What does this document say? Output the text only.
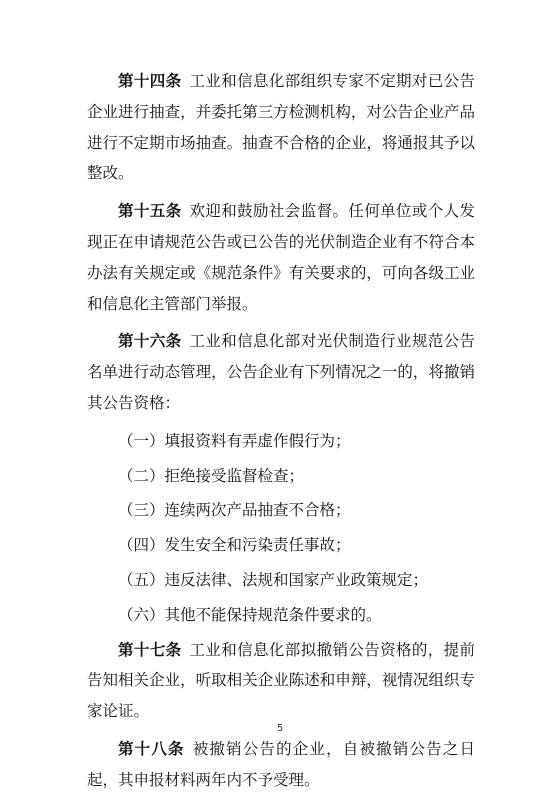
第十四条 工业和信息化部组织专家不定期对已公告企业进行抽查，并委托第三方检测机构，对公告企业产品进行不定期市场抽查。抽查不合格的企业，将通报其予以整改。

第十五条 欢迎和鼓励社会监督。任何单位或个人发现正在申请规范公告或已公告的光伏制造企业有不符合本办法有关规定或《规范条件》有关要求的，可向各级工业和信息化主管部门举报。

第十六条 工业和信息化部对光伏制造行业规范公告名单进行动态管理，公告企业有下列情况之一的，将撤销其公告资格：

（一）填报资料有弄虚作假行为；

（二）拒绝接受监督检查；

（三）连续两次产品抽查不合格；

（四）发生安全和污染责任事故；

（五）违反法律、法规和国家产业政策规定；

（六）其他不能保持规范条件要求的。

第十七条 工业和信息化部拟撤销公告资格的，提前告知相关企业，听取相关企业陈述和申辩，视情况组织专家论证。

第十八条 被撤销公告的企业，自被撤销公告之日起，其申报材料两年内不予受理。

5
